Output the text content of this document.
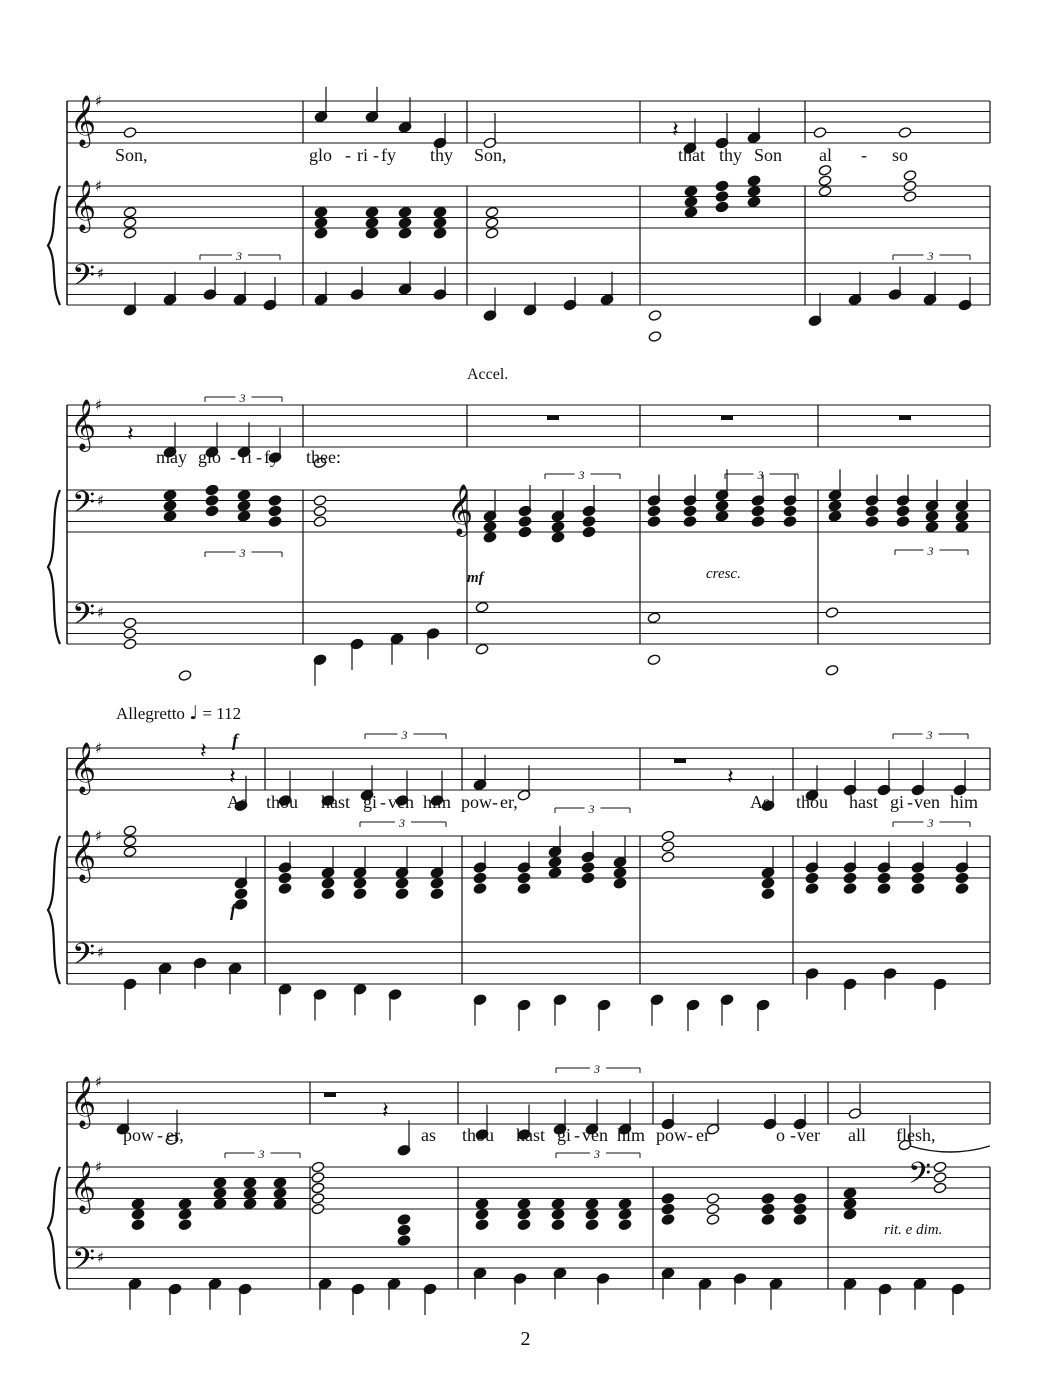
𝄞
♯
𝄞
♯
𝄢 ♯
𝄞
♯
𝄢 ♯
𝄢 ♯
𝄞
♯
𝄞
♯
𝄢 ♯
𝄞
♯
𝄞
♯
𝄢 ♯
𝄽
3	3
𝄽
3
3
𝄞
3	3
3
𝄽
𝄽
3	3
𝄽
3
3
3
𝄽
3
3	3
𝄢
Son,	glo - ri - fy thy Son,	that thy Son al - so
Accel.
may glo - ri - fy thee:
mf	cresc.
Allegretto ♩ = 112
f
f
As thou hast gi - ven him pow - er,	As thou hast gi - ven him
pow - er,	as thou hast gi - ven him pow - er	o - ver all flesh,
rit. e dim.
2
